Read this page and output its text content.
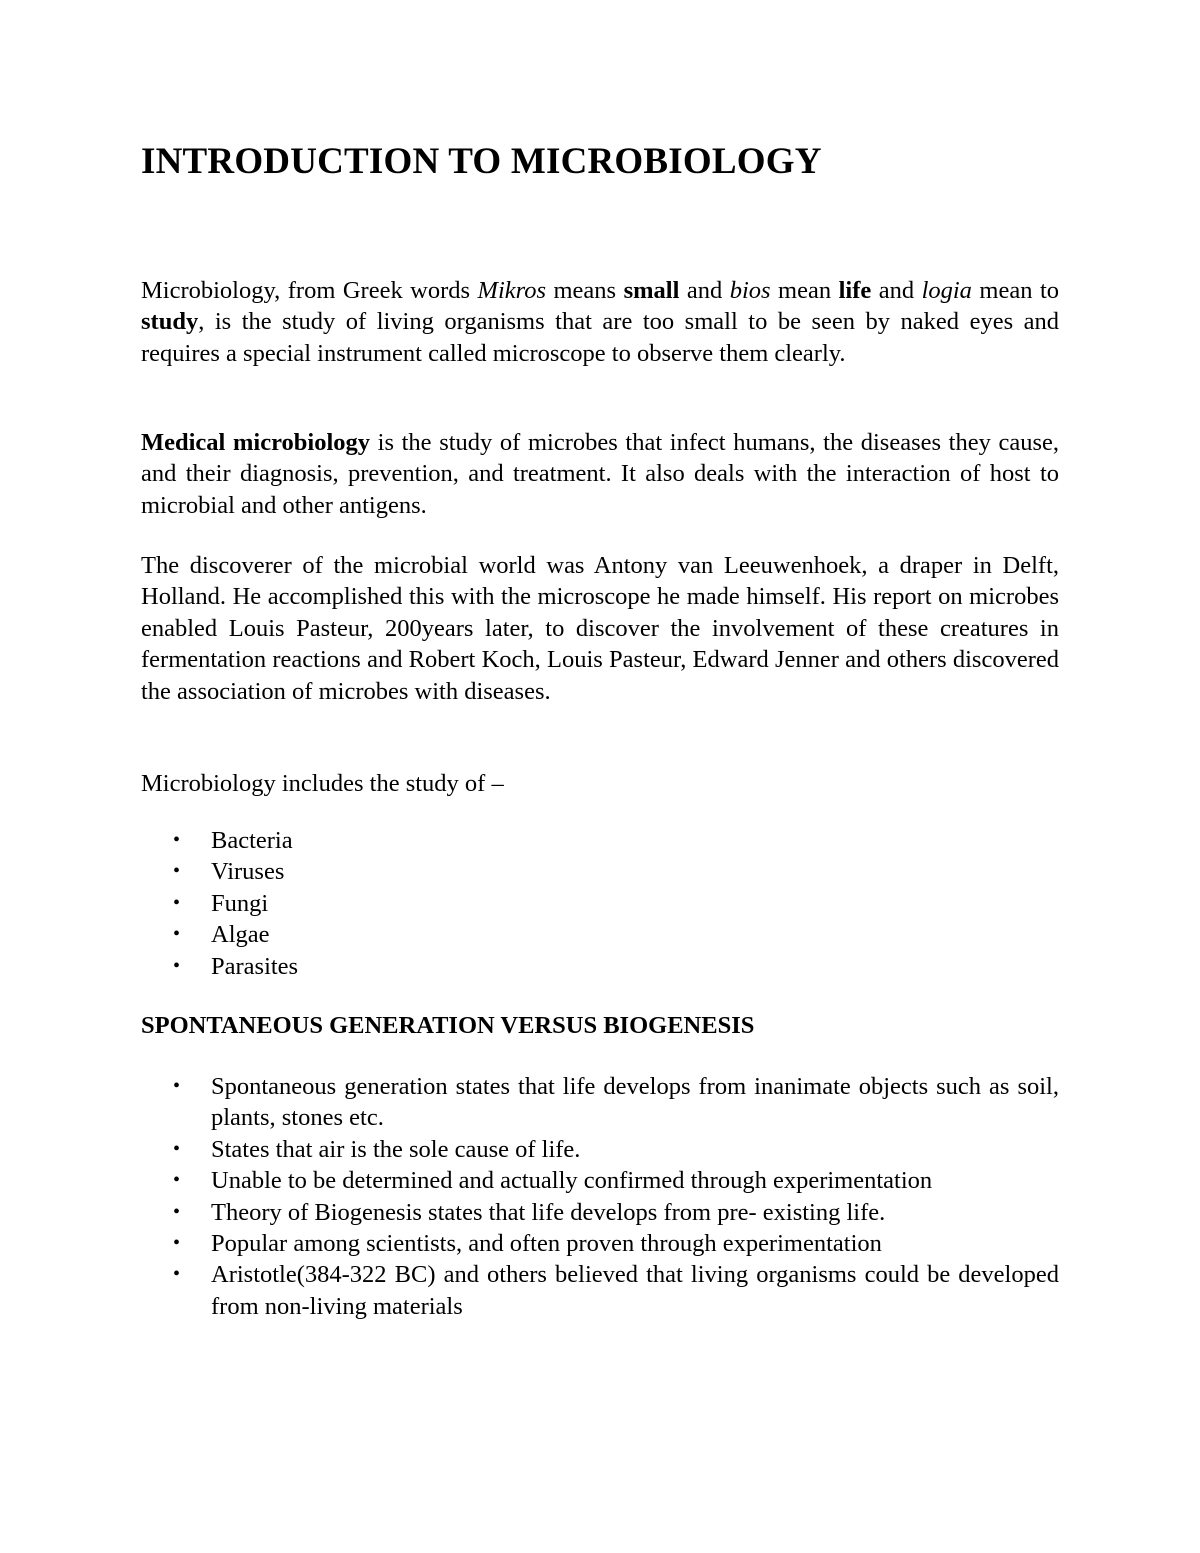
INTRODUCTION TO MICROBIOLOGY

Microbiology, from Greek words Mikros means small and bios mean life and logia mean to study, is the study of living organisms that are too small to be seen by naked eyes and requires a special instrument called microscope to observe them clearly.

Medical microbiology is the study of microbes that infect humans, the diseases they cause, and their diagnosis, prevention, and treatment. It also deals with the interaction of host to microbial and other antigens.

The discoverer of the microbial world was Antony van Leeuwenhoek, a draper in Delft, Holland. He accomplished this with the microscope he made himself. His report on microbes enabled Louis Pasteur, 200years later, to discover the involvement of these creatures in fermentation reactions and Robert Koch, Louis Pasteur, Edward Jenner and others discovered the association of microbes with diseases.

Microbiology includes the study of –

• Bacteria
• Viruses
• Fungi
• Algae
• Parasites
SPONTANEOUS GENERATION VERSUS BIOGENESIS
• Spontaneous generation states that life develops from inanimate objects such as soil, plants, stones etc.
• States that air is the sole cause of life.
• Unable to be determined and actually confirmed through experimentation
• Theory of Biogenesis states that life develops from pre- existing life.
• Popular among scientists, and often proven through experimentation
• Aristotle(384-322 BC) and others believed that living organisms could be developed from non-living materials
